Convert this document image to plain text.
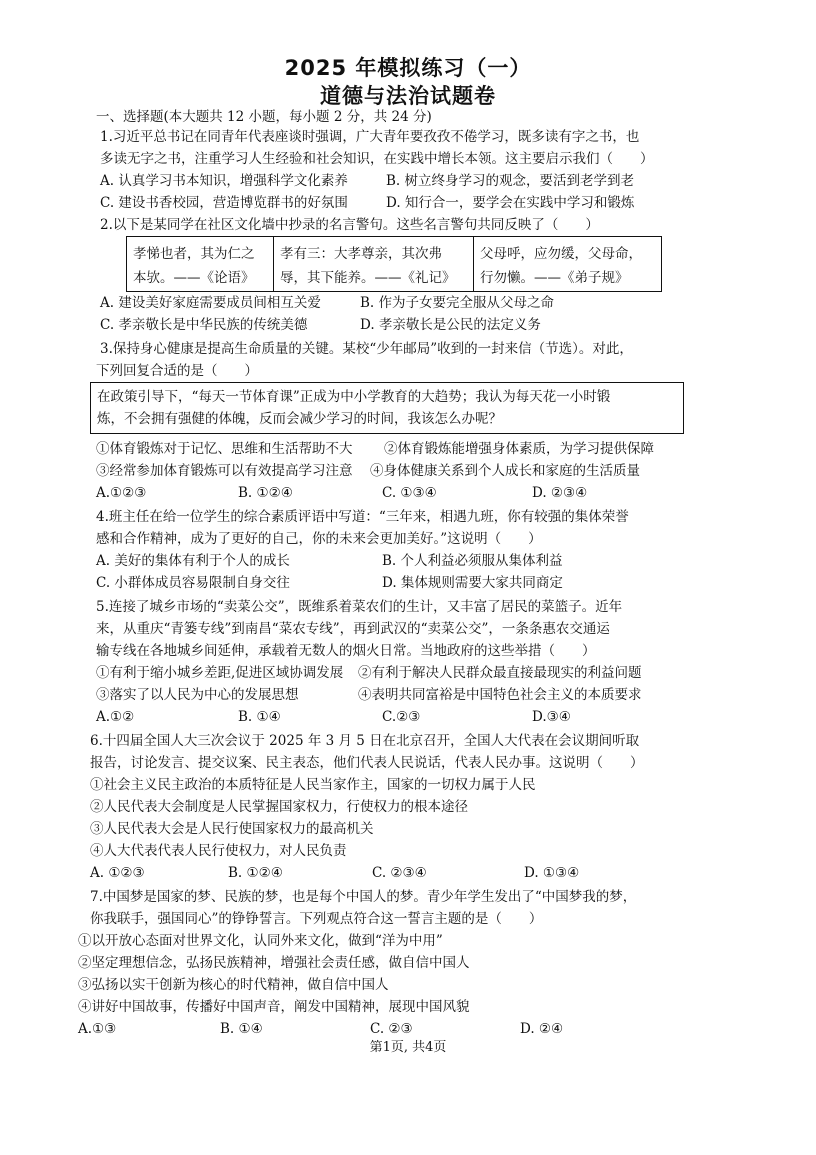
2025 年模拟练习（一）
道德与法治试题卷
一、选择题(本大题共 12 小题，每小题 2 分，共 24 分)
1.习近平总书记在同青年代表座谈时强调，广大青年要孜孜不倦学习，既多读有字之书，也
多读无字之书，注重学习人生经验和社会知识，在实践中增长本领。这主要启示我们（　　）
A. 认真学习书本知识，增强科学文化素养	B. 树立终身学习的观念，要活到老学到老
C. 建设书香校园，营造博览群书的好氛围	D. 知行合一，要学会在实践中学习和锻炼
2.以下是某同学在社区文化墙中抄录的名言警句。这些名言警句共同反映了（　　）
孝悌也者，其为仁之本欤。——《论语》
孝有三：大孝尊亲，其次弗辱，其下能养。——《礼记》
父母呼，应勿缓，父母命，行勿懒。——《弟子规》
A. 建设美好家庭需要成员间相互关爱	B. 作为子女要完全服从父母之命
C. 孝亲敬长是中华民族的传统美德	D. 孝亲敬长是公民的法定义务
3.保持身心健康是提高生命质量的关键。某校“少年邮局”收到的一封来信（节选）。对此，
下列回复合适的是（　　）
在政策引导下，“每天一节体育课”正成为中小学教育的大趋势；我认为每天花一小时锻
炼，不会拥有强健的体魄，反而会减少学习的时间，我该怎么办呢？
①体育锻炼对于记忆、思维和生活帮助不大 ②体育锻炼能增强身体素质，为学习提供保障
③经常参加体育锻炼可以有效提高学习注意 ④身体健康关系到个人成长和家庭的生活质量
A.①②③	B. ①②④	C. ①③④	D. ②③④
4.班主任在给一位学生的综合素质评语中写道：“三年来，相遇九班，你有较强的集体荣誉
感和合作精神，成为了更好的自己，你的未来会更加美好。”这说明（　　）
A. 美好的集体有利于个人的成长	B. 个人利益必须服从集体利益
C. 小群体成员容易限制自身交往	D. 集体规则需要大家共同商定
5.连接了城乡市场的“卖菜公交”，既维系着菜农们的生计，又丰富了居民的菜篮子。近年
来，从重庆“青篓专线”到南昌“菜农专线”，再到武汉的“卖菜公交”，一条条惠农交通运
输专线在各地城乡间延伸，承载着无数人的烟火日常。当地政府的这些举措（　　）
①有利于缩小城乡差距,促进区域协调发展 ②有利于解决人民群众最直接最现实的利益问题
③落实了以人民为中心的发展思想	④表明共同富裕是中国特色社会主义的本质要求
A.①②	B. ①④	C.②③	D.③④
6.十四届全国人大三次会议于 2025 年 3 月 5 日在北京召开，全国人大代表在会议期间听取
报告，讨论发言、提交议案、民主表态，他们代表人民说话，代表人民办事。这说明（　　）
①社会主义民主政治的本质特征是人民当家作主，国家的一切权力属于人民
②人民代表大会制度是人民掌握国家权力，行使权力的根本途径
③人民代表大会是人民行使国家权力的最高机关
④人大代表代表人民行使权力，对人民负责
A. ①②③	B. ①②④	C. ②③④	D. ①③④
7.中国梦是国家的梦、民族的梦，也是每个中国人的梦。青少年学生发出了“中国梦我的梦，
你我联手，强国同心”的铮铮誓言。下列观点符合这一誓言主题的是（　　）
①以开放心态面对世界文化，认同外来文化，做到“洋为中用”
②坚定理想信念，弘扬民族精神，增强社会责任感，做自信中国人
③弘扬以实干创新为核心的时代精神，做自信中国人
④讲好中国故事，传播好中国声音，阐发中国精神，展现中国风貌
A.①③	B. ①④	C. ②③	D. ②④
第1页, 共4页
